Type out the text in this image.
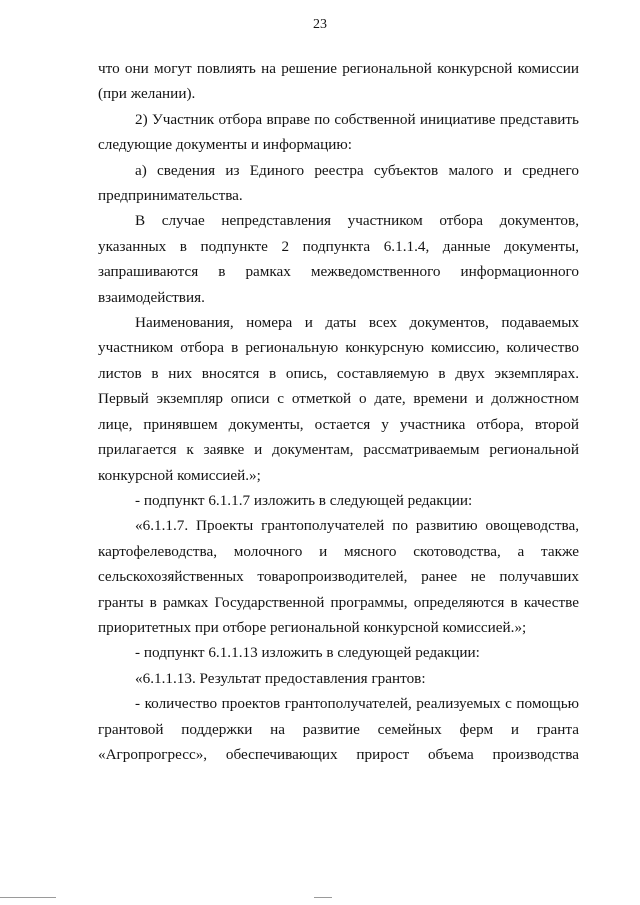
23

что они могут повлиять на решение региональной конкурсной комиссии (при желании).

2) Участник отбора вправе по собственной инициативе представить следующие документы и информацию:

а) сведения из Единого реестра субъектов малого и среднего предпринимательства.

В случае непредставления участником отбора документов, указанных в подпункте 2 подпункта 6.1.1.4, данные документы, запрашиваются в рамках межведомственного информационного взаимодействия.

Наименования, номера и даты всех документов, подаваемых участником отбора в региональную конкурсную комиссию, количество листов в них вносятся в опись, составляемую в двух экземплярах. Первый экземпляр описи с отметкой о дате, времени и должностном лице, принявшем документы, остается у участника отбора, второй прилагается к заявке и документам, рассматриваемым региональной конкурсной комиссией.»;

- подпункт 6.1.1.7 изложить в следующей редакции:

«6.1.1.7. Проекты грантополучателей по развитию овощеводства, картофелеводства, молочного и мясного скотоводства, а также сельскохозяйственных товаропроизводителей, ранее не получавших гранты в рамках Государственной программы, определяются в качестве приоритетных при отборе региональной конкурсной комиссией.»;

- подпункт 6.1.1.13 изложить в следующей редакции:

«6.1.1.13. Результат предоставления грантов:

- количество проектов грантополучателей, реализуемых с помощью грантовой поддержки на развитие семейных ферм и гранта «Агропрогресс», обеспечивающих прирост объема производства
